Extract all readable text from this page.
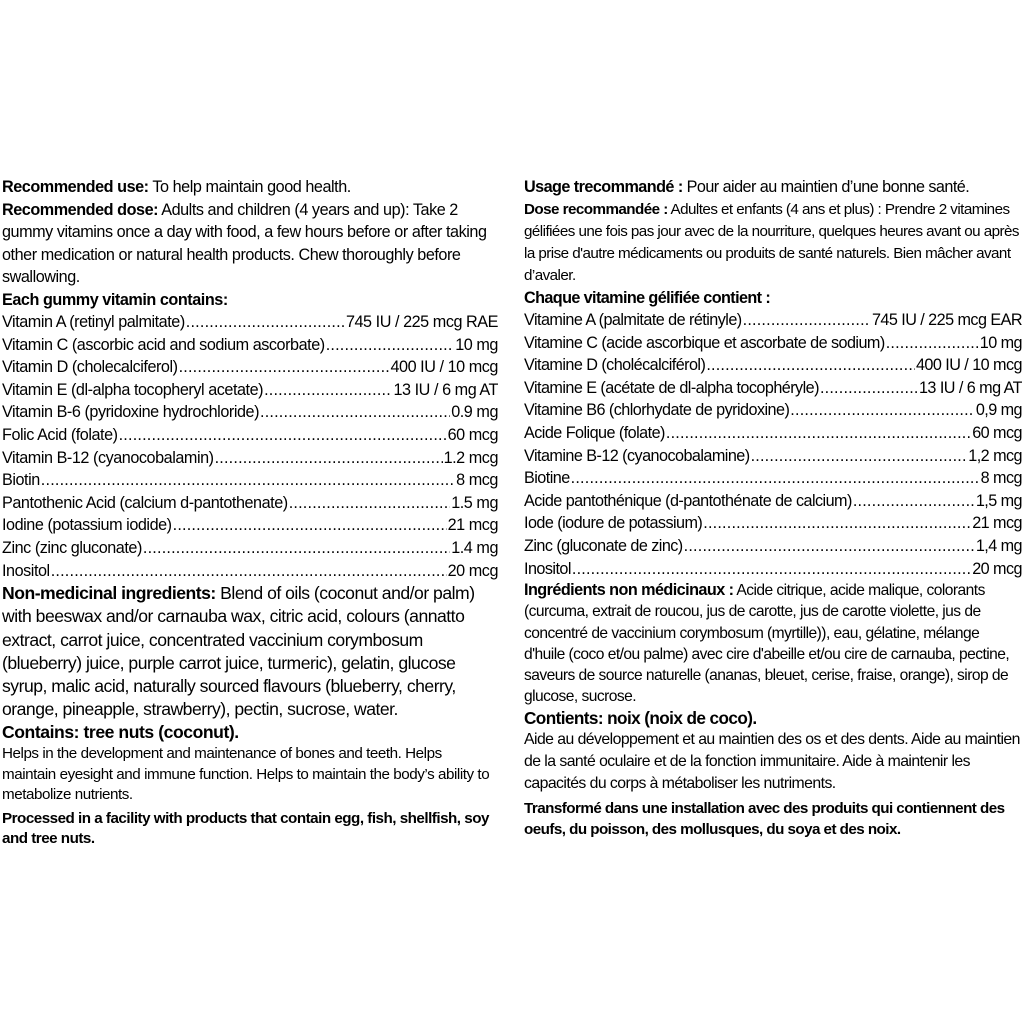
Recommended use: To help maintain good health.

Recommended dose: Adults and children (4 years and up): Take 2 gummy vitamins once a day with food, a few hours before or after taking other medication or natural health products. Chew thoroughly before swallowing.

Each gummy vitamin contains:

Vitamin A (retinyl palmitate) .....	745 IU / 225 mcg RAE
Vitamin C (ascorbic acid and sodium ascorbate) .....	10 mg
Vitamin D (cholecalciferol) .....	400 IU / 10 mcg
Vitamin E (dl-alpha tocopheryl acetate) .....	13 IU / 6 mg AT
Vitamin B-6 (pyridoxine hydrochloride) .....	0.9 mg
Folic Acid (folate) .....	60 mcg
Vitamin B-12 (cyanocobalamin) .....	1.2 mcg
Biotin .....	8 mcg
Pantothenic Acid (calcium d-pantothenate) .....	1.5 mg
Iodine (potassium iodide) .....	21 mcg
Zinc (zinc gluconate) .....	1.4 mg
Inositol .....	20 mcg

Non-medicinal ingredients: Blend of oils (coconut and/or palm) with beeswax and/or carnauba wax, citric acid, colours (annatto extract, carrot juice, concentrated vaccinium corymbosum (blueberry) juice, purple carrot juice, turmeric), gelatin, glucose syrup, malic acid, naturally sourced flavours (blueberry, cherry, orange, pineapple, strawberry), pectin, sucrose, water.

Contains: tree nuts (coconut).

Helps in the development and maintenance of bones and teeth. Helps maintain eyesight and immune function. Helps to maintain the body’s ability to metabolize nutrients.

Processed in a facility with products that contain egg, fish, shellfish, soy and tree nuts.

Usage trecommandé : Pour aider au maintien d’une bonne santé.

Dose recommandée : Adultes et enfants (4 ans et plus) : Prendre 2 vitamines gélifiées une fois pas jour avec de la nourriture, quelques heures avant ou après la prise d'autre médicaments ou produits de santé naturels. Bien mâcher avant d’avaler.

Chaque vitamine gélifiée contient :

Vitamine A (palmitate de rétinyle) .....	745 IU / 225 mcg EAR
Vitamine C (acide ascorbique et ascorbate de sodium) .....	10 mg
Vitamine D (cholécalciférol) .....	400 IU / 10 mcg
Vitamine E (acétate de dl-alpha tocophéryle) .....	13 IU / 6 mg AT
Vitamine B6 (chlorhydate de pyridoxine) .....	0,9 mg
Acide Folique (folate) .....	60 mcg
Vitamine B-12 (cyanocobalamine) .....	1,2 mcg
Biotine .....	8 mcg
Acide pantothénique (d-pantothénate de calcium) .....	1,5 mg
Iode (iodure de potassium) .....	21 mcg
Zinc (gluconate de zinc) .....	1,4 mg
Inositol .....	20 mcg

Ingrédients non médicinaux : Acide citrique, acide malique, colorants (curcuma, extrait de roucou, jus de carotte, jus de carotte violette, jus de concentré de vaccinium corymbosum (myrtille)), eau, gélatine, mélange d'huile (coco et/ou palme) avec cire d'abeille et/ou cire de carnauba, pectine, saveurs de source naturelle (ananas, bleuet, cerise, fraise, orange), sirop de glucose, sucrose.

Contients: noix (noix de coco).

Aide au développement et au maintien des os et des dents. Aide au maintien de la santé oculaire et de la fonction immunitaire. Aide à maintenir les capacités du corps à métaboliser les nutriments.

Transformé dans une installation avec des produits qui contiennent des oeufs, du poisson, des mollusques, du soya et des noix.
